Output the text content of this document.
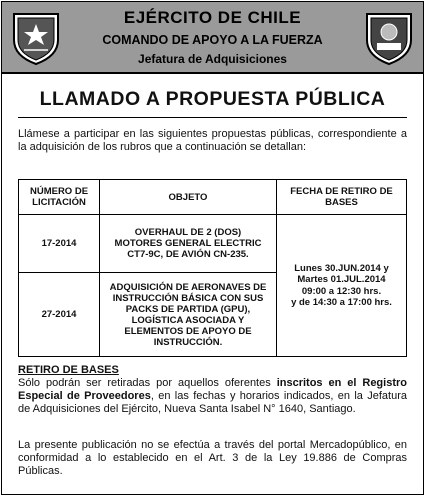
EJÉRCITO DE CHILE
COMANDO DE APOYO A LA FUERZA
Jefatura de Adquisiciones
LLAMADO A PROPUESTA PÚBLICA
Llámese a participar en las siguientes propuestas públicas, correspondiente a la adquisición de los rubros que a continuación se detallan:
NÚMERO DE LICITACIÓN	OBJETO	FECHA DE RETIRO DE BASES
17-2014	OVERHAUL DE 2 (DOS) MOTORES GENERAL ELECTRIC CT7-9C, DE AVIÓN CN-235.	Lunes 30.JUN.2014 y
Martes 01.JUL.2014
09:00 a 12:30 hrs.
y de 14:30 a 17:00 hrs.

27-2014	ADQUISICIÓN DE AERONAVES DE INSTRUCCIÓN BÁSICA CON SUS PACKS DE PARTIDA (GPU), LOGÍSTICA ASOCIADA Y ELEMENTOS DE APOYO DE INSTRUCCIÓN.	
RETIRO DE BASES
Sólo podrán ser retiradas por aquellos oferentes inscritos en el Registro Especial de Proveedores, en las fechas y horarios indicados, en la Jefatura de Adquisiciones del Ejército, Nueva Santa Isabel N° 1640, Santiago.
La presente publicación no se efectúa a través del portal Mercadopúblico, en conformidad a lo establecido en el Art. 3 de la Ley 19.886 de Compras Públicas.
